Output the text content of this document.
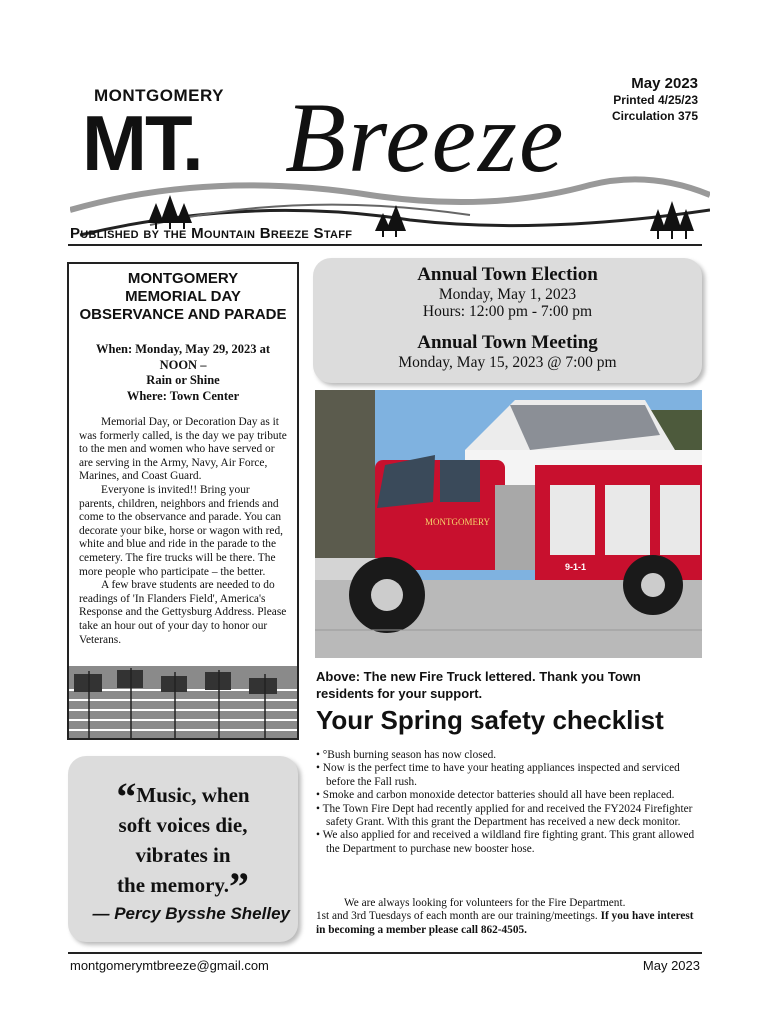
MONTGOMERY
MT. Breeze	May 2023
Printed 4/25/23
Circulation 375
Published by the Mountain Breeze Staff
MONTGOMERY
MEMORIAL DAY
OBSERVANCE AND PARADE
When: Monday, May 29, 2023 at
NOON –
Rain or Shine
Where: Town Center

Memorial Day, or Decoration Day as it was formerly called, is the day we pay tribute to the men and women who have served or are serving in the Army, Navy, Air Force, Marines, and Coast Guard.

Everyone is invited!! Bring your parents, children, neighbors and friends and come to the observance and parade. You can decorate your bike, horse or wagon with red, white and blue and ride in the parade to the cemetery. The fire trucks will be there. The more people who participate – the better.

A few brave students are needed to do readings of 'In Flanders Field', America's Response and the Gettysburg Address. Please take an hour out of your day to honor our Veterans.

“Music, when
soft voices die,
vibrates in
the memory.”
— Percy Bysshe Shelley
Annual Town Election
Monday, May 1, 2023
Hours: 12:00 pm - 7:00 pm
Annual Town Meeting
Monday, May 15, 2023 @ 7:00 pm
MONTGOMERY
9-1-1
Above: The new Fire Truck lettered. Thank you Town residents for your support.
Your Spring safety checklist
• °Bush burning season has now closed.
• Now is the perfect time to have your heating appliances inspected and serviced before the Fall rush.
• Smoke and carbon monoxide detector batteries should all have been replaced.
• The Town Fire Dept had recently applied for and received the FY2024 Firefighter safety Grant. With this grant the Department has received a new deck monitor.
• We also applied for and received a wildland fire fighting grant. This grant allowed the Department to purchase new booster hose.
We are always looking for volunteers for the Fire Department.
1st and 3rd Tuesdays of each month are our training/meetings. If you have interest in becoming a member please call 862-4505.
montgomerymtbreeze@gmail.com	May 2023
